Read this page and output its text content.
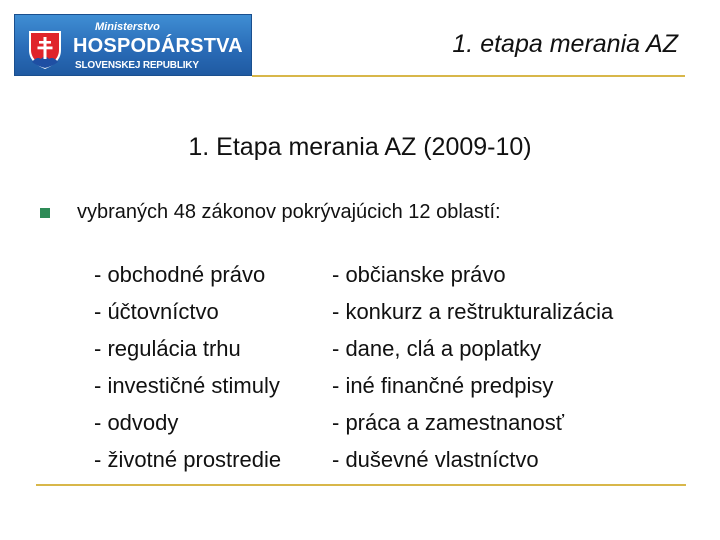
Ministerstvo
HOSPODÁRSTVA
SLOVENSKEJ REPUBLIKY
1. etapa merania AZ
1. Etapa merania AZ (2009-10)
vybraných 48 zákonov pokrývajúcich 12 oblastí:
- obchodné právo
- účtovníctvo
- regulácia trhu
- investičné stimuly
- odvody
- životné prostredie
- občianske právo
- konkurz a reštrukturalizácia
- dane, clá a poplatky
- iné finančné predpisy
- práca a zamestnanosť
- duševné vlastníctvo
